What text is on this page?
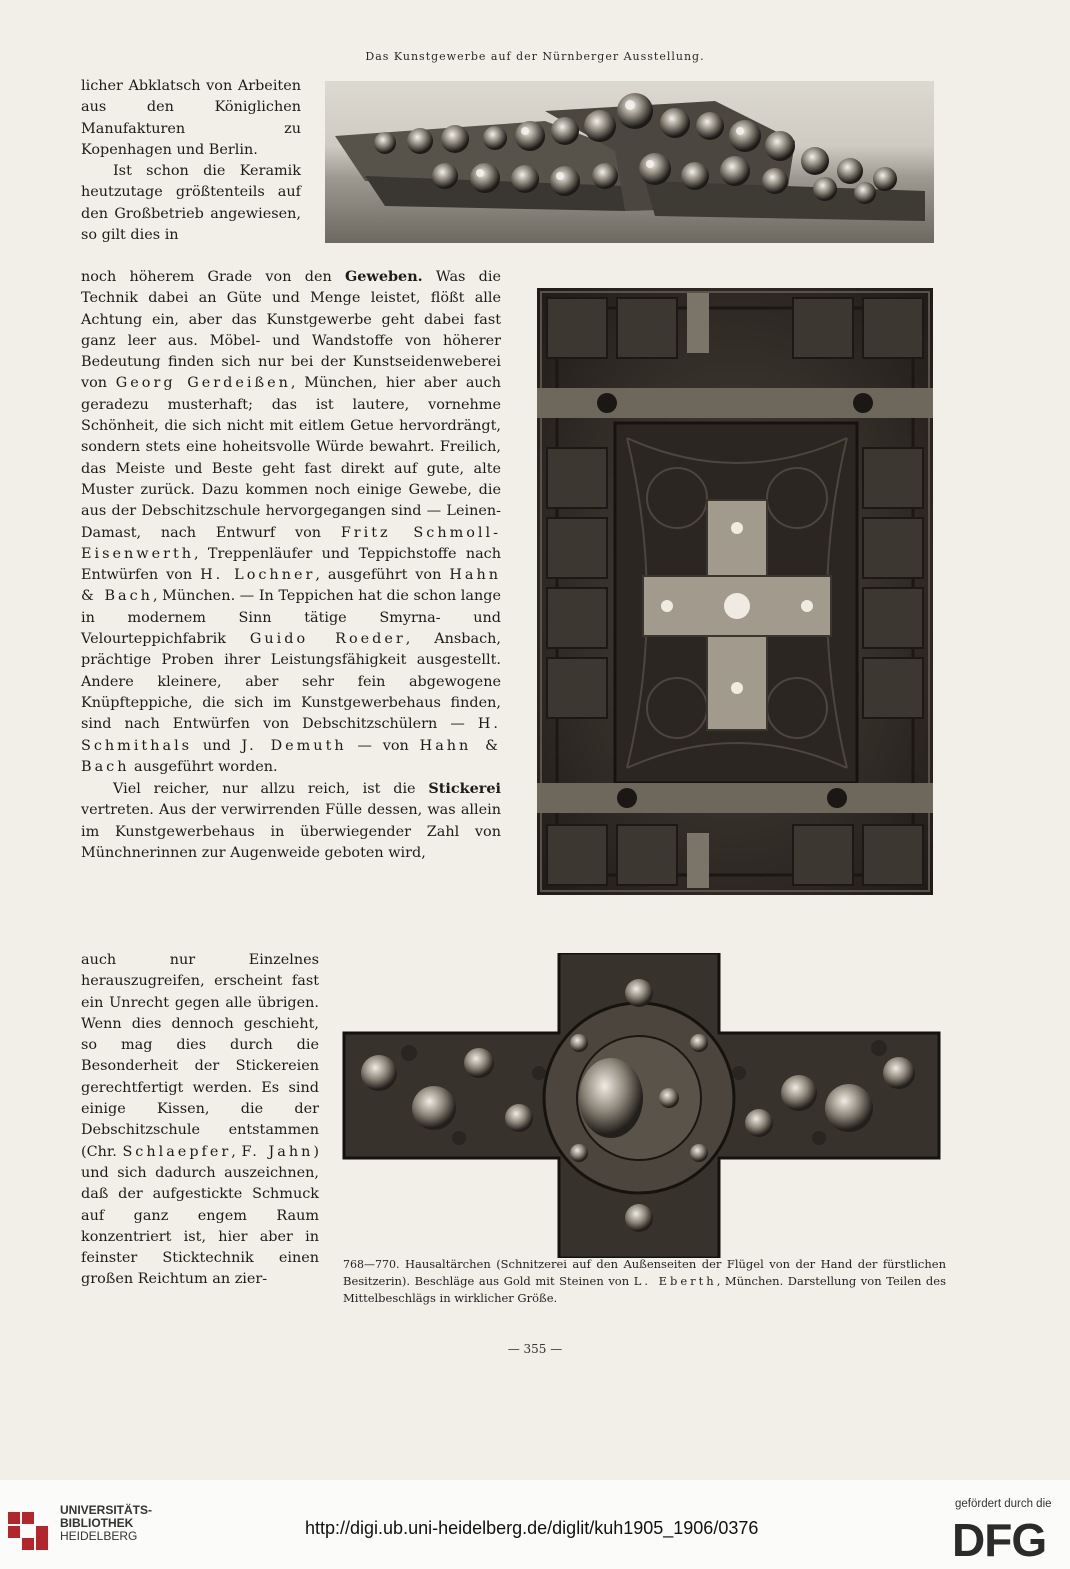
Das Kunstgewerbe auf der Nürnberger Ausstellung.

licher Abklatsch von Arbeiten aus den Königlichen Manufakturen zu Kopenhagen und Berlin.

Ist schon die Keramik heutzutage größtenteils auf den Großbetrieb angewiesen, so gilt dies in

noch höherem Grade von den Geweben. Was die Technik dabei an Güte und Menge leistet, flößt alle Achtung ein, aber das Kunstgewerbe geht dabei fast ganz leer aus. Möbel- und Wandstoffe von höherer Bedeutung finden sich nur bei der Kunstseidenweberei von Georg Gerdeißen, München, hier aber auch geradezu musterhaft; das ist lautere, vornehme Schönheit, die sich nicht mit eitlem Getue hervordrängt, sondern stets eine hoheitsvolle Würde bewahrt. Freilich, das Meiste und Beste geht fast direkt auf gute, alte Muster zurück. Dazu kommen noch einige Gewebe, die aus der Debschitzschule hervorgegangen sind — Leinen-Damast, nach Entwurf von Fritz Schmoll-Eisenwerth, Treppenläufer und Teppichstoffe nach Entwürfen von H. Lochner, ausgeführt von Hahn & Bach, München. — In Teppichen hat die schon lange in modernem Sinn tätige Smyrna- und Velourteppichfabrik Guido Roeder, Ansbach, prächtige Proben ihrer Leistungsfähigkeit ausgestellt. Andere kleinere, aber sehr fein abgewogene Knüpfteppiche, die sich im Kunstgewerbehaus finden, sind nach Entwürfen von Debschitzschülern — H. Schmithals und J. Demuth — von Hahn & Bach ausgeführt worden.

Viel reicher, nur allzu reich, ist die Stickerei vertreten. Aus der verwirrenden Fülle dessen, was allein im Kunstgewerbehaus in überwiegender Zahl von Münchnerinnen zur Augenweide geboten wird,

auch nur Einzelnes herauszugreifen, erscheint fast ein Unrecht gegen alle übrigen. Wenn dies dennoch geschieht, so mag dies durch die Besonderheit der Stickereien gerechtfertigt werden. Es sind einige Kissen, die der Debschitzschule entstammen (Chr. Schlaepfer, F. Jahn) und sich dadurch auszeichnen, daß der aufgestickte Schmuck auf ganz engem Raum konzentriert ist, hier aber in feinster Sticktechnik einen großen Reichtum an zier-

768—770. Hausaltärchen (Schnitzerei auf den Außenseiten der Flügel von der Hand der fürstlichen Besitzerin). Beschläge aus Gold mit Steinen von L. Eberth, München. Darstellung von Teilen des Mittelbeschlägs in wirklicher Größe.
— 355 —
UNIVERSITÄTS-
BIBLIOTHEK
HEIDELBERG	http://digi.ub.uni-heidelberg.de/diglit/kuh1905_1906/0376
gefördert durch die
DFG
